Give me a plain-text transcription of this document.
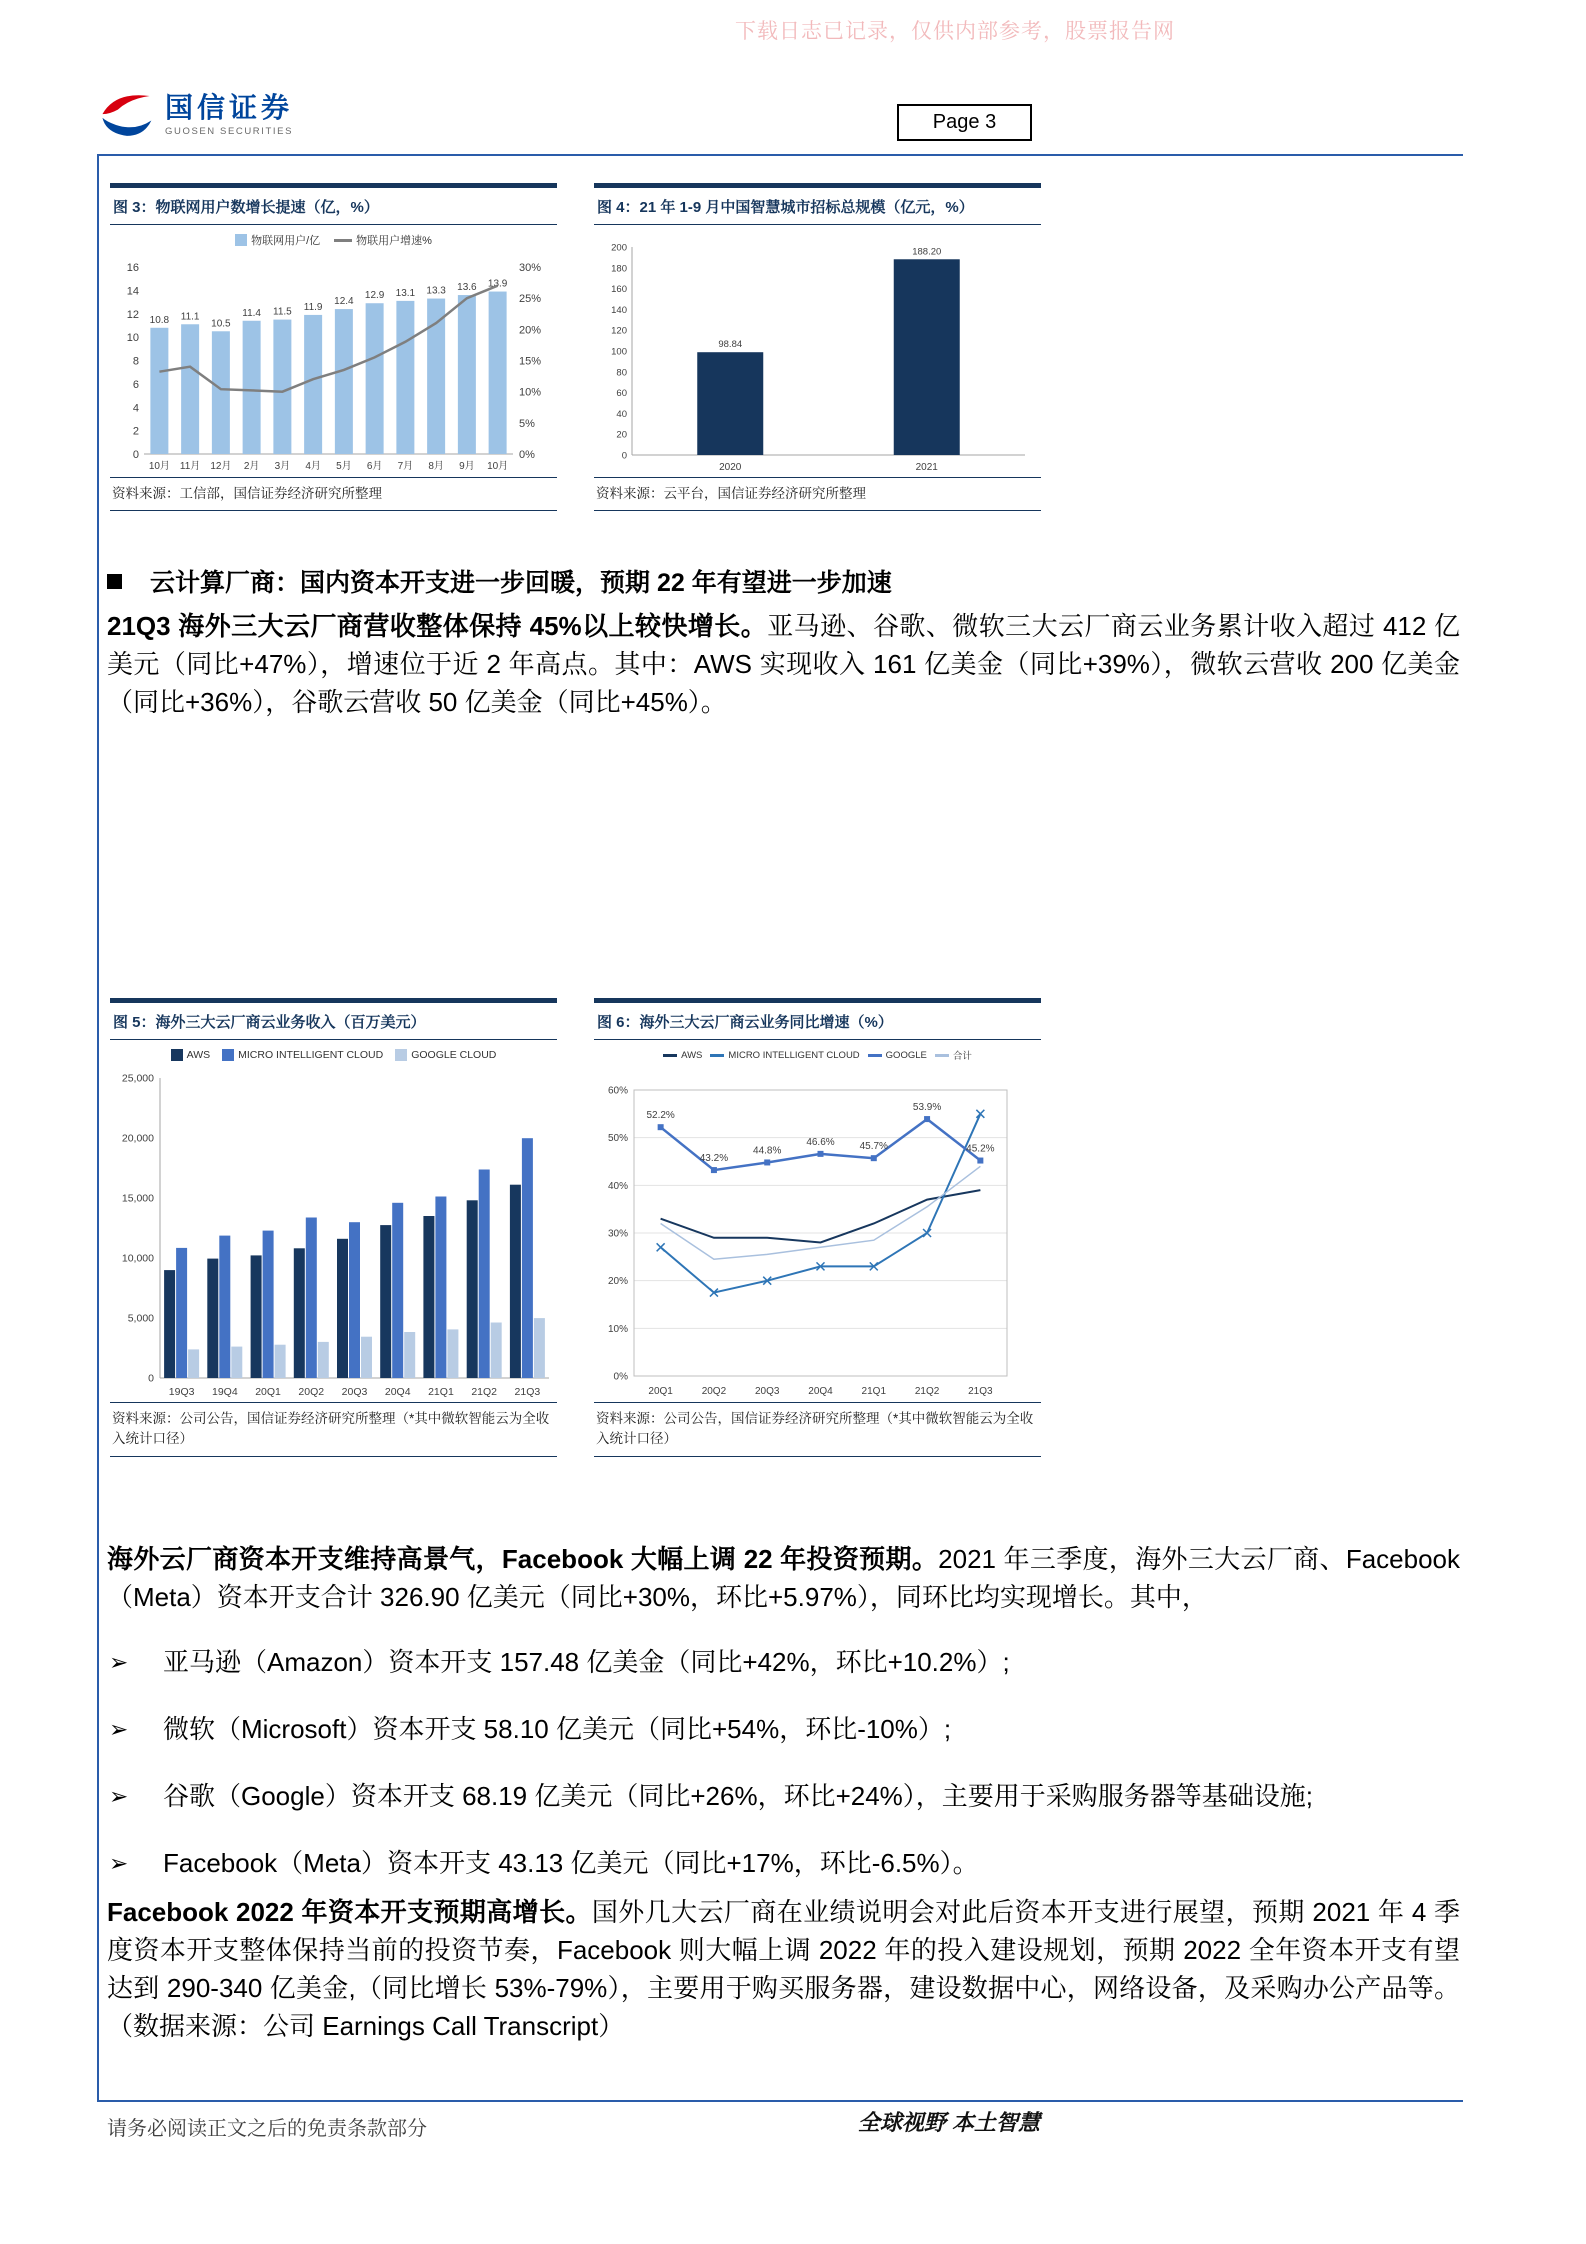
下载日志已记录，仅供内部参考，股票报告网
国信证券
GUOSEN SECURITIES	Page 3
图 3：物联网用户数增长提速（亿，%）
物联网用户/亿	物联用户增速%
0
2
4
6
8
10
12
14
16
0%
5%
10%
15%
20%
25%
30%
10.8
10月
11.1
11月
10.5
12月
11.4
2月
11.5
3月
11.9
4月
12.4
5月
12.9
6月
13.1
7月
13.3
8月
13.6
9月
13.9
10月
资料来源：工信部，国信证券经济研究所整理
图 4：21 年 1-9 月中国智慧城市招标总规模（亿元，%）
0
20
40
60
80
100
120
140
160
180
200
98.84
2020
188.20
2021
资料来源：云平台，国信证券经济研究所整理
云计算厂商：国内资本开支进一步回暖，预期 22 年有望进一步加速
21Q3 海外三大云厂商营收整体保持 45%以上较快增长。亚马逊、谷歌、微软三大云厂商云业务累计收入超过 412 亿美元（同比+47%），增速位于近 2 年高点。其中：AWS 实现收入 161 亿美金（同比+39%），微软云营收 200 亿美金（同比+36%），谷歌云营收 50 亿美金（同比+45%）。
图 5：海外三大云厂商云业务收入（百万美元）
AWS	MICRO INTELLIGENT CLOUD	GOOGLE CLOUD
0
5,000
10,000
15,000
20,000
25,000
19Q3 19Q4 20Q1 20Q2 20Q3 20Q4 21Q1 21Q2 21Q3
资料来源：公司公告，国信证券经济研究所整理（*其中微软智能云为全收入统计口径）
图 6：海外三大云厂商云业务同比增速（%）
AWS	MICRO INTELLIGENT CLOUD	GOOGLE	合计
0%
10%
20%
30%
40%
50%
60%
20Q1	20Q2	20Q3	20Q4	21Q1	21Q2	21Q3
52.2%
43.2%
44.8%
46.6% 45.7%
53.9%
45.2%
资料来源：公司公告，国信证券经济研究所整理（*其中微软智能云为全收入统计口径）
海外云厂商资本开支维持高景气，Facebook 大幅上调 22 年投资预期。2021 年三季度，海外三大云厂商、Facebook（Meta）资本开支合计 326.90 亿美元（同比+30%，环比+5.97%），同环比均实现增长。其中，
➢	亚马逊（Amazon）资本开支 157.48 亿美金（同比+42%，环比+10.2%）;
➢	微软（Microsoft）资本开支 58.10 亿美元（同比+54%，环比-10%）;
➢	谷歌（Google）资本开支 68.19 亿美元（同比+26%，环比+24%），主要用于采购服务器等基础设施;
➢	Facebook（Meta）资本开支 43.13 亿美元（同比+17%，环比-6.5%）。
Facebook 2022 年资本开支预期高增长。国外几大云厂商在业绩说明会对此后资本开支进行展望，预期 2021 年 4 季度资本开支整体保持当前的投资节奏，Facebook 则大幅上调 2022 年的投入建设规划，预期 2022 全年资本开支有望达到 290-340 亿美金,（同比增长 53%-79%），主要用于购买服务器，建设数据中心，网络设备，及采购办公产品等。（数据来源：公司 Earnings Call Transcript）
请务必阅读正文之后的免责条款部分	全球视野 本土智慧
